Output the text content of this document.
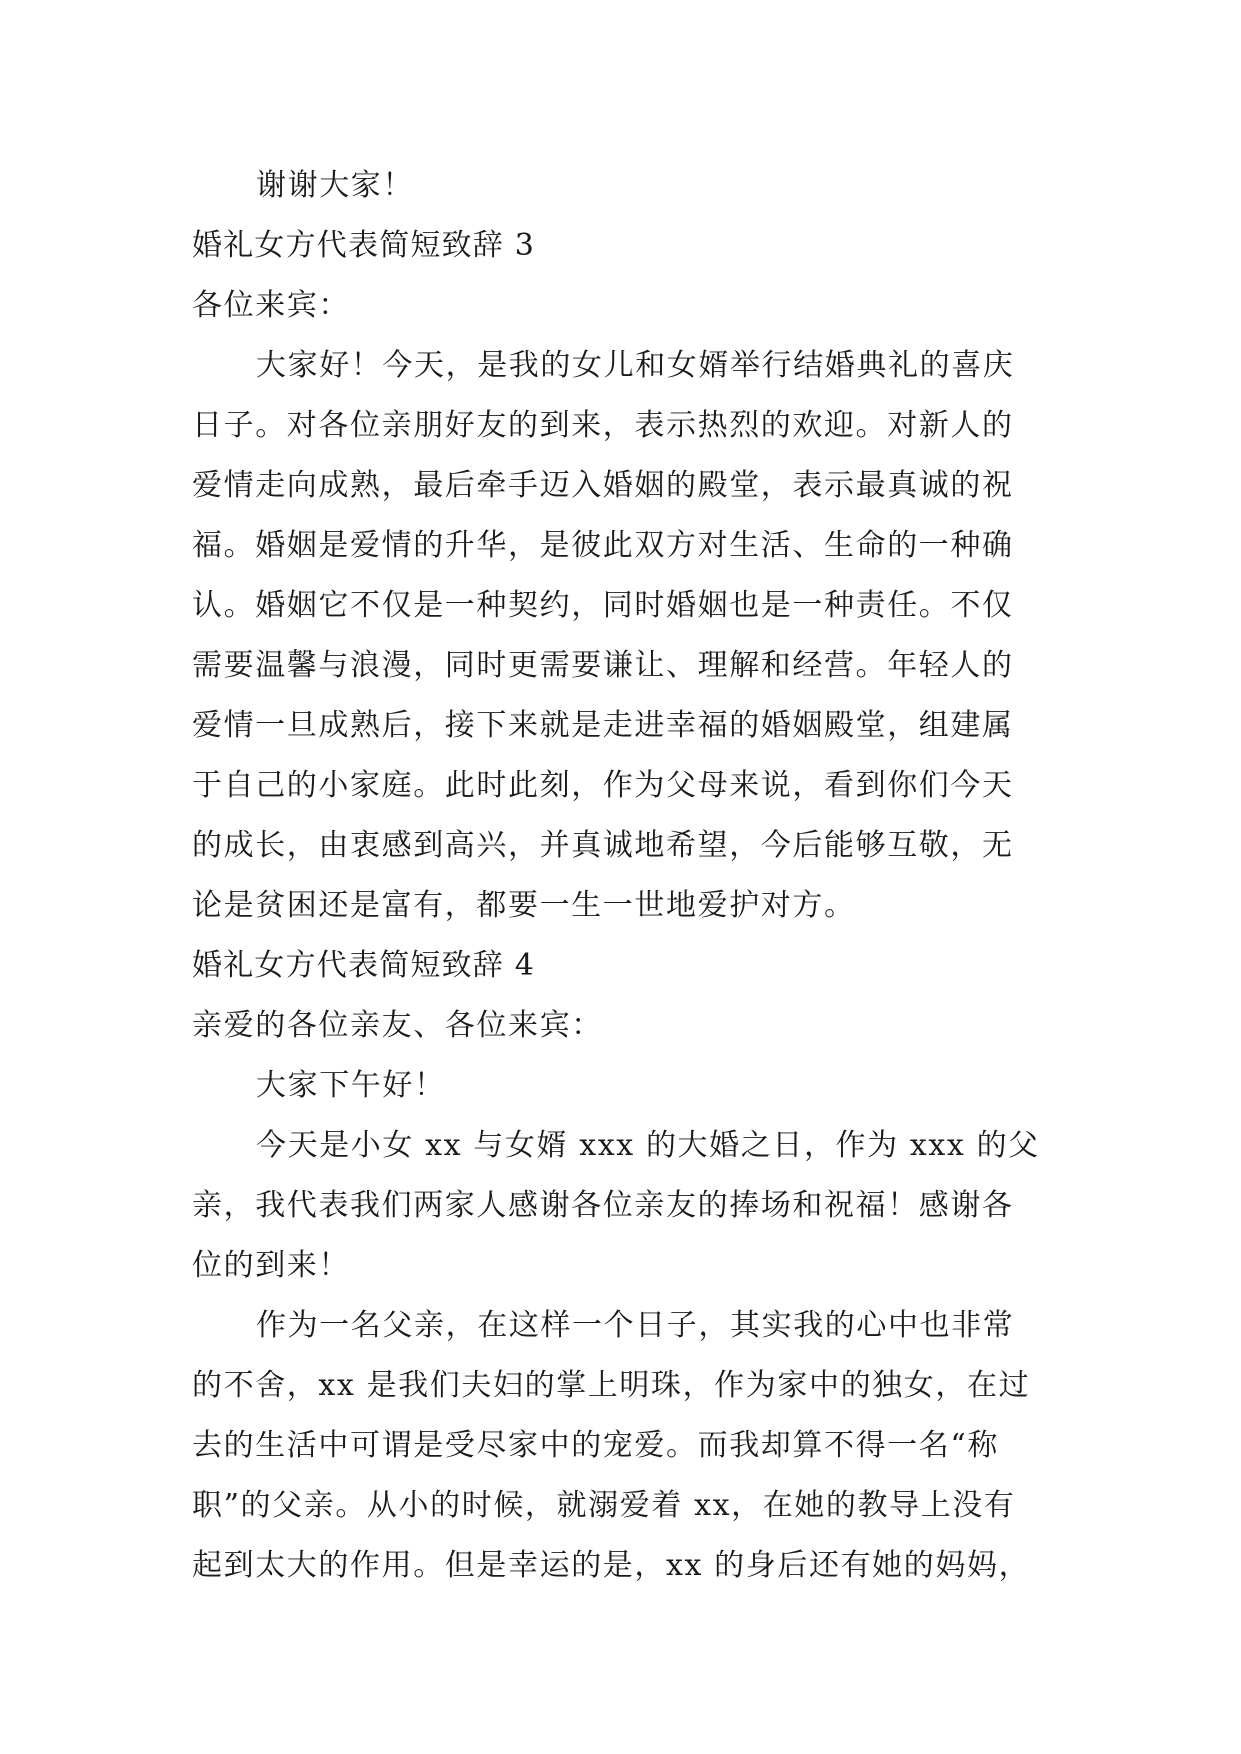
谢谢大家！
婚礼女方代表简短致辞 3
各位来宾：
大家好！今天，是我的女儿和女婿举行结婚典礼的喜庆
日子。对各位亲朋好友的到来，表示热烈的欢迎。对新人的
爱情走向成熟，最后牵手迈入婚姻的殿堂，表示最真诚的祝
福。婚姻是爱情的升华，是彼此双方对生活、生命的一种确
认。婚姻它不仅是一种契约，同时婚姻也是一种责任。不仅
需要温馨与浪漫，同时更需要谦让、理解和经营。年轻人的
爱情一旦成熟后，接下来就是走进幸福的婚姻殿堂，组建属
于自己的小家庭。此时此刻，作为父母来说，看到你们今天
的成长，由衷感到高兴，并真诚地希望，今后能够互敬，无
论是贫困还是富有，都要一生一世地爱护对方。
婚礼女方代表简短致辞 4
亲爱的各位亲友、各位来宾：
大家下午好！
今天是小女 xx 与女婿 xxx 的大婚之日，作为 xxx 的父
亲，我代表我们两家人感谢各位亲友的捧场和祝福！感谢各
位的到来！
作为一名父亲，在这样一个日子，其实我的心中也非常
的不舍，xx 是我们夫妇的掌上明珠，作为家中的独女，在过
去的生活中可谓是受尽家中的宠爱。而我却算不得一名“称
职”的父亲。从小的时候，就溺爱着 xx，在她的教导上没有
起到太大的作用。但是幸运的是，xx 的身后还有她的妈妈，
